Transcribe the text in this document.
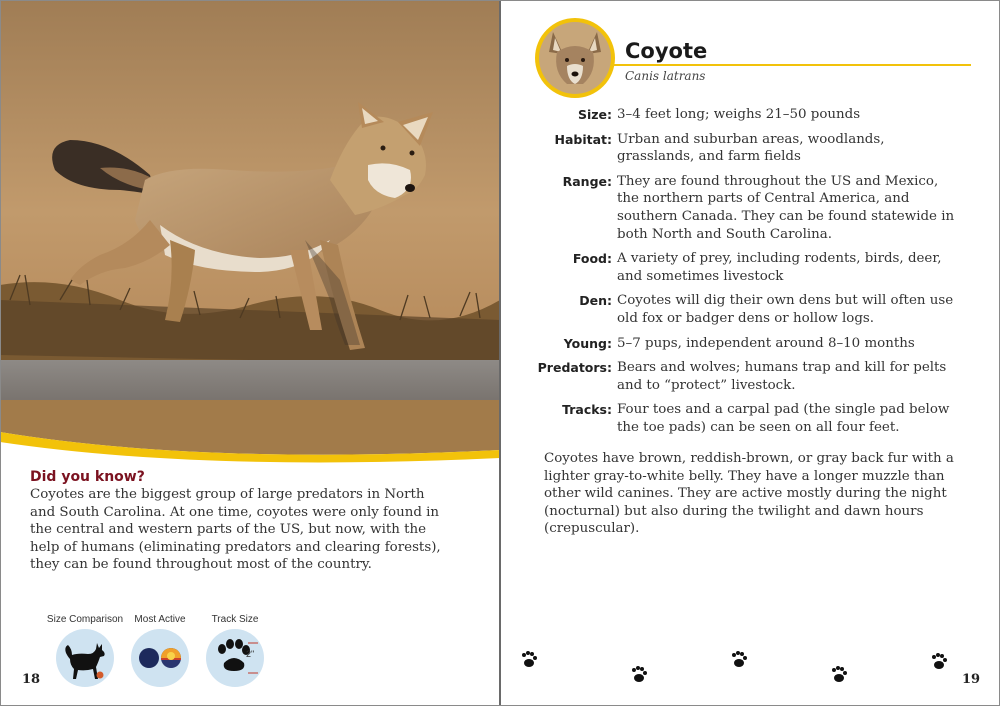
Did you know?
Coyotes are the biggest group of large predators in North and South Carolina. At one time, coyotes were only found in the central and western parts of the US, but now, with the help of humans (eliminating predators and clearing forests), they can be found throughout most of the country.
Size Comparison	Most Active	Track Size
2"
18
Coyote
Canis latrans
Size: 3–4 feet long; weighs 21–50 pounds
Habitat: Urban and suburban areas, woodlands, grasslands, and farm fields
Range: They are found throughout the US and Mexico, the northern parts of Central America, and southern Canada. They can be found statewide in both North and South Carolina.
Food: A variety of prey, including rodents, birds, deer, and sometimes livestock
Den: Coyotes will dig their own dens but will often use old fox or badger dens or hollow logs.
Young: 5–7 pups, independent around 8–10 months
Predators: Bears and wolves; humans trap and kill for pelts and to “protect” livestock.
Tracks: Four toes and a carpal pad (the single pad below the toe pads) can be seen on all four feet.
Coyotes have brown, reddish-brown, or gray back fur with a lighter gray-to-white belly. They have a longer muzzle than other wild canines. They are active mostly during the night (nocturnal) but also during the twilight and dawn hours (crepuscular).
19
